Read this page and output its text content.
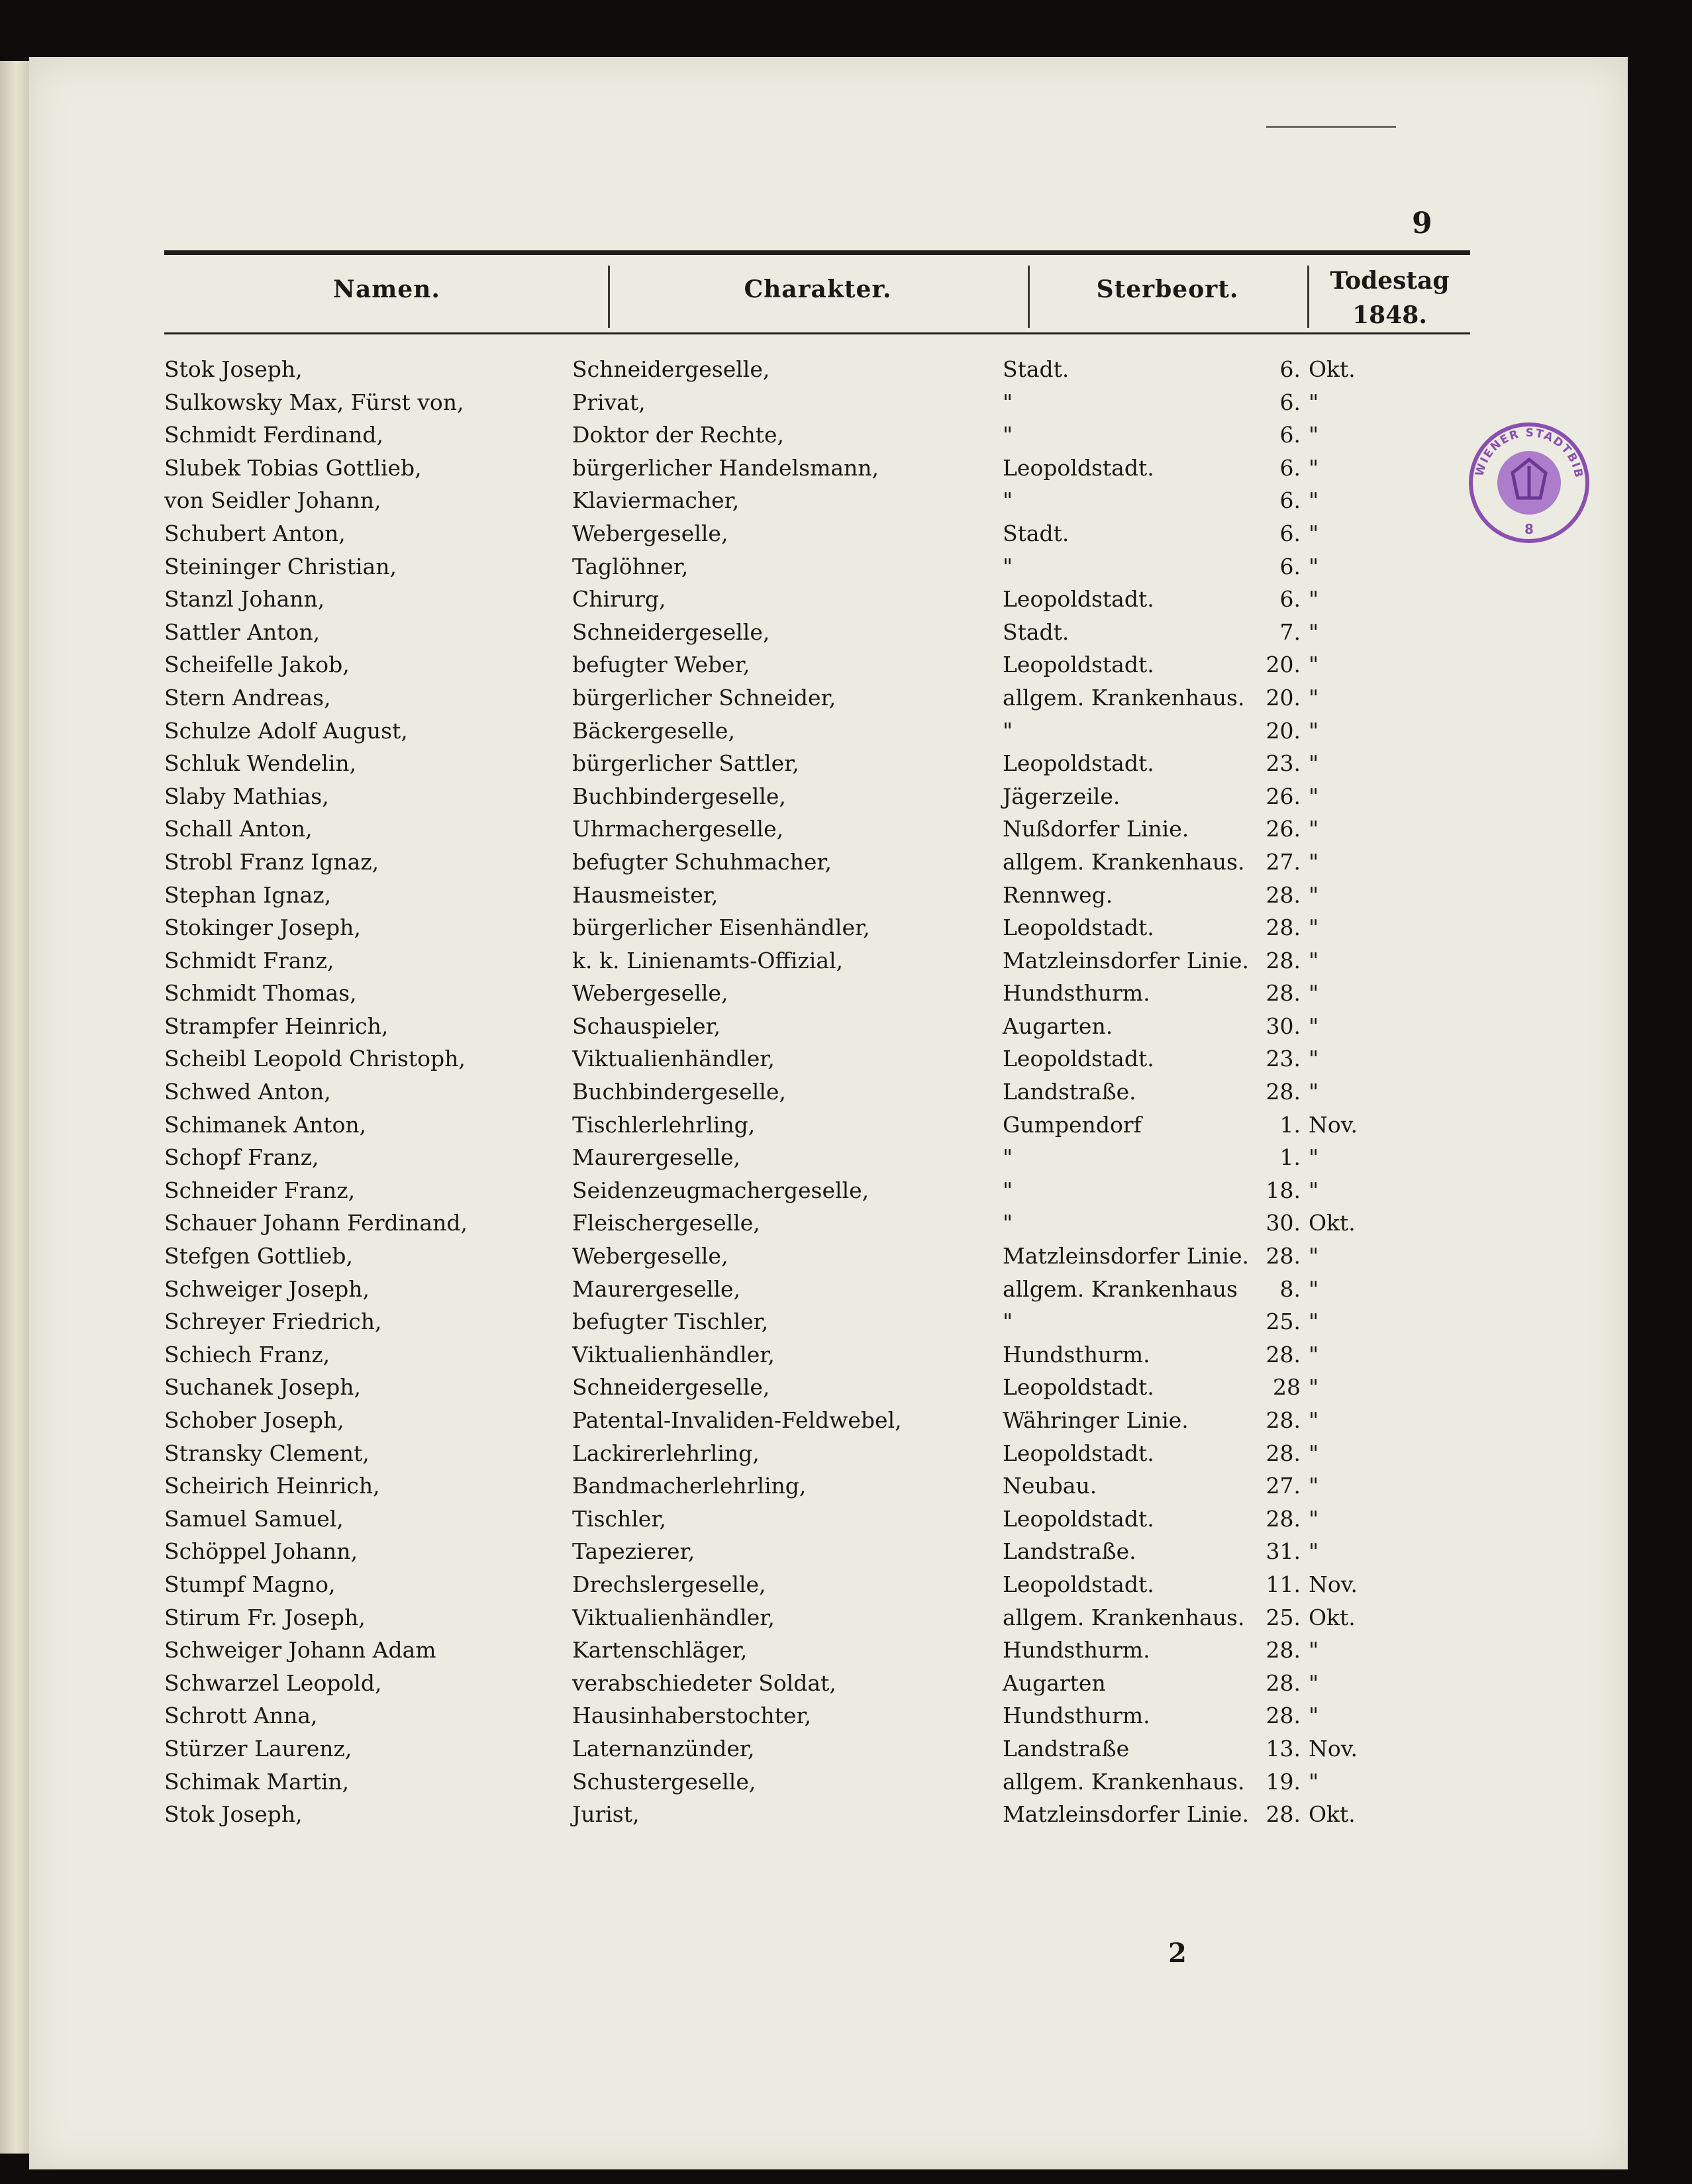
9
Namen.	Charakter.	Sterbeort.	Todestag
1848.
Stok Joseph,	Schneidergeselle,	Stadt.	6. Okt.
Sulkowsky Max, Fürst von,	Privat,	"	6. "
Schmidt Ferdinand,	Doktor der Rechte,	"	6. "
Slubek Tobias Gottlieb,	bürgerlicher Handelsmann,	Leopoldstadt.	6. "
von Seidler Johann,	Klaviermacher,	"	6. "
Schubert Anton,	Webergeselle,	Stadt.	6. "
Steininger Christian,	Taglöhner,	"	6. "
Stanzl Johann,	Chirurg,	Leopoldstadt.	6. "
Sattler Anton,	Schneidergeselle,	Stadt.	7. "
Scheifelle Jakob,	befugter Weber,	Leopoldstadt.	20. "
Stern Andreas,	bürgerlicher Schneider,	allgem. Krankenhaus. 20. "
Schulze Adolf August,	Bäckergeselle,	"	20. "
Schluk Wendelin,	bürgerlicher Sattler,	Leopoldstadt.	23. "
Slaby Mathias,	Buchbindergeselle,	Jägerzeile.	26. "
Schall Anton,	Uhrmachergeselle,	Nußdorfer Linie.	26. "
Strobl Franz Ignaz,	befugter Schuhmacher,	allgem. Krankenhaus. 27. "
Stephan Ignaz,	Hausmeister,	Rennweg.	28. "
Stokinger Joseph,	bürgerlicher Eisenhändler,	Leopoldstadt.	28. "
Schmidt Franz,	k. k. Linienamts-Offizial,	Matzleinsdorfer Linie. 28. "
Schmidt Thomas,	Webergeselle,	Hundsthurm.	28. "
Strampfer Heinrich,	Schauspieler,	Augarten.	30. "
Scheibl Leopold Christoph,	Viktualienhändler,	Leopoldstadt.	23. "
Schwed Anton,	Buchbindergeselle,	Landstraße.	28. "
Schimanek Anton,	Tischlerlehrling,	Gumpendorf	1. Nov.
Schopf Franz,	Maurergeselle,	"	1. "
Schneider Franz,	Seidenzeugmachergeselle,	"	18. "
Schauer Johann Ferdinand,	Fleischergeselle,	"	30. Okt.
Stefgen Gottlieb,	Webergeselle,	Matzleinsdorfer Linie. 28. "
Schweiger Joseph,	Maurergeselle,	allgem. Krankenhaus	8. "
Schreyer Friedrich,	befugter Tischler,	"	25. "
Schiech Franz,	Viktualienhändler,	Hundsthurm.	28. "
Suchanek Joseph,	Schneidergeselle,	Leopoldstadt.	28 "
Schober Joseph,	Patental-Invaliden-Feldwebel,	Währinger Linie.	28. "
Stransky Clement,	Lackirerlehrling,	Leopoldstadt.	28. "
Scheirich Heinrich,	Bandmacherlehrling,	Neubau.	27. "
Samuel Samuel,	Tischler,	Leopoldstadt.	28. "
Schöppel Johann,	Tapezierer,	Landstraße.	31. "
Stumpf Magno,	Drechslergeselle,	Leopoldstadt.	11. Nov.
Stirum Fr. Joseph,	Viktualienhändler,	allgem. Krankenhaus. 25. Okt.
Schweiger Johann Adam	Kartenschläger,	Hundsthurm.	28. "
Schwarzel Leopold,	verabschiedeter Soldat,	Augarten	28. "
Schrott Anna,	Hausinhaberstochter,	Hundsthurm.	28. "
Stürzer Laurenz,	Laternanzünder,	Landstraße	13. Nov.
Schimak Martin,	Schustergeselle,	allgem. Krankenhaus. 19. "
Stok Joseph,	Jurist,	Matzleinsdorfer Linie. 28. Okt.
WIENER STADTBIB
8
2
